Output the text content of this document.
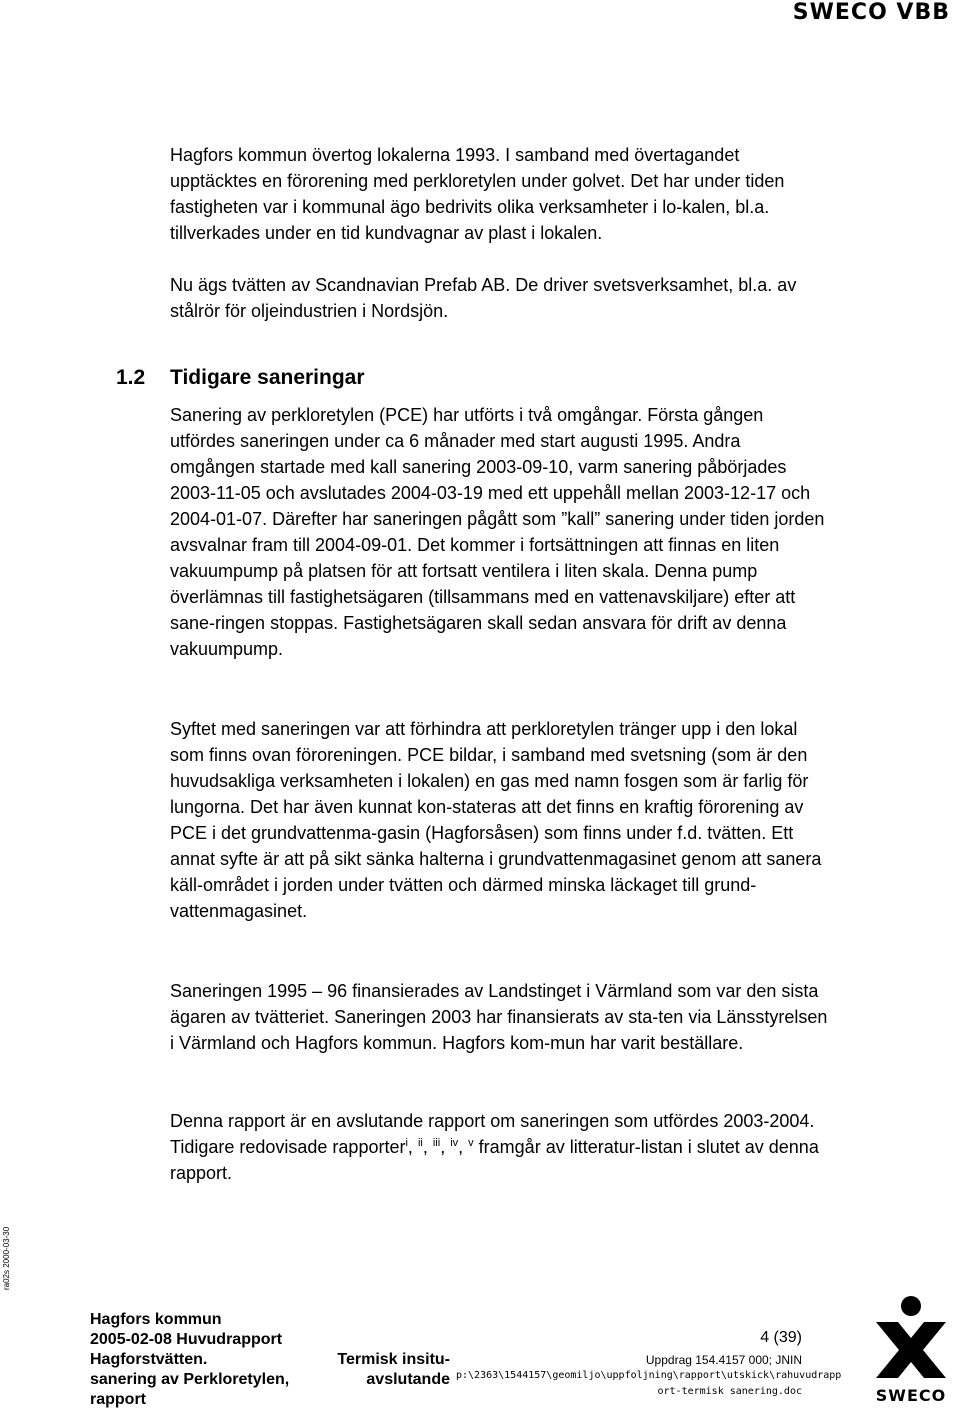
SWECO VBB

Hagfors kommun övertog lokalerna 1993. I samband med övertagandet upptäcktes en förorening med perkloretylen under golvet. Det har under tiden fastigheten var i kommunal ägo bedrivits olika verksamheter i lo-kalen, bl.a. tillverkades under en tid kundvagnar av plast i lokalen.

Nu ägs tvätten av Scandnavian Prefab AB. De driver svetsverksamhet, bl.a. av stålrör för oljeindustrien i Nordsjön.

1.2 Tidigare saneringar

Sanering av perkloretylen (PCE) har utförts i två omgångar. Första gången utfördes saneringen under ca 6 månader med start augusti 1995. Andra omgången startade med kall sanering 2003-09-10, varm sanering påbörjades 2003-11-05 och avslutades 2004-03-19 med ett uppehåll mellan 2003-12-17 och 2004-01-07. Därefter har saneringen pågått som ”kall” sanering under tiden jorden avsvalnar fram till 2004-09-01. Det kommer i fortsättningen att finnas en liten vakuumpump på platsen för att fortsatt ventilera i liten skala. Denna pump överlämnas till fastighetsägaren (tillsammans med en vattenavskiljare) efter att sane-ringen stoppas. Fastighetsägaren skall sedan ansvara för drift av denna vakuumpump.

Syftet med saneringen var att förhindra att perkloretylen tränger upp i den lokal som finns ovan föroreningen. PCE bildar, i samband med svetsning (som är den huvudsakliga verksamheten i lokalen) en gas med namn fosgen som är farlig för lungorna. Det har även kunnat kon-stateras att det finns en kraftig förorening av PCE i det grundvattenma-gasin (Hagforsåsen) som finns under f.d. tvätten. Ett annat syfte är att på sikt sänka halterna i grundvattenmagasinet genom att sanera käll-området i jorden under tvätten och därmed minska läckaget till grund-vattenmagasinet.

Saneringen 1995 – 96 finansierades av Landstinget i Värmland som var den sista ägaren av tvätteriet. Saneringen 2003 har finansierats av sta-ten via Länsstyrelsen i Värmland och Hagfors kommun. Hagfors kom-mun har varit beställare.

Denna rapport är en avslutande rapport om saneringen som utfördes 2003-2004. Tidigare redovisade rapporter$^i$, $^{ii}$, $^{iii}$, $^{iv}$, $^v$ framgår av litteratur-listan i slutet av denna rapport.

ra02s 2000-03-30
Hagfors kommun
2005-02-08 Huvudrapport
Hagforstvätten.	Termisk insitu-
sanering av Perkloretylen,	avslutande
rapport
4 (39)
Uppdrag 154.4157 000; JNIN
p:\2363\1544157\geomiljo\uppfoljning\rapport\utskick\rahuvudrapp
ort-termisk sanering.doc	SWECO
